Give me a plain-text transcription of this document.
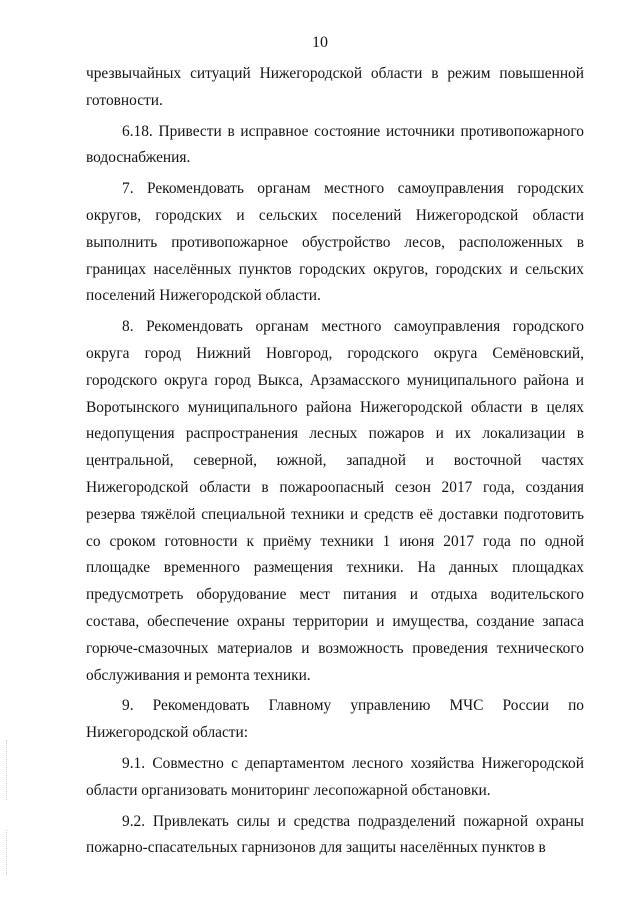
10

чрезвычайных ситуаций Нижегородской области в режим повышенной готовности.

6.18. Привести в исправное состояние источники противопожарного водоснабжения.

7. Рекомендовать органам местного самоуправления городских округов, городских и сельских поселений Нижегородской области выполнить противопожарное обустройство лесов, расположенных в границах населённых пунктов городских округов, городских и сельских поселений Нижегородской области.

8. Рекомендовать органам местного самоуправления городского округа город Нижний Новгород, городского округа Семёновский, городского округа город Выкса, Арзамасского муниципального района и Воротынского муниципального района Нижегородской области в целях недопущения распространения лесных пожаров и их локализации в центральной, северной, южной, западной и восточной частях Нижегородской области в пожароопасный сезон 2017 года, создания резерва тяжёлой специальной техники и средств её доставки подготовить со сроком готовности к приёму техники 1 июня 2017 года по одной площадке временного размещения техники. На данных площадках предусмотреть оборудование мест питания и отдыха водительского состава, обеспечение охраны территории и имущества, создание запаса горюче-смазочных материалов и возможность проведения технического обслуживания и ремонта техники.

9. Рекомендовать Главному управлению МЧС России по Нижегородской области:

9.1. Совместно с департаментом лесного хозяйства Нижегородской области организовать мониторинг лесопожарной обстановки.

9.2. Привлекать силы и средства подразделений пожарной охраны пожарно-спасательных гарнизонов для защиты населённых пунктов в
